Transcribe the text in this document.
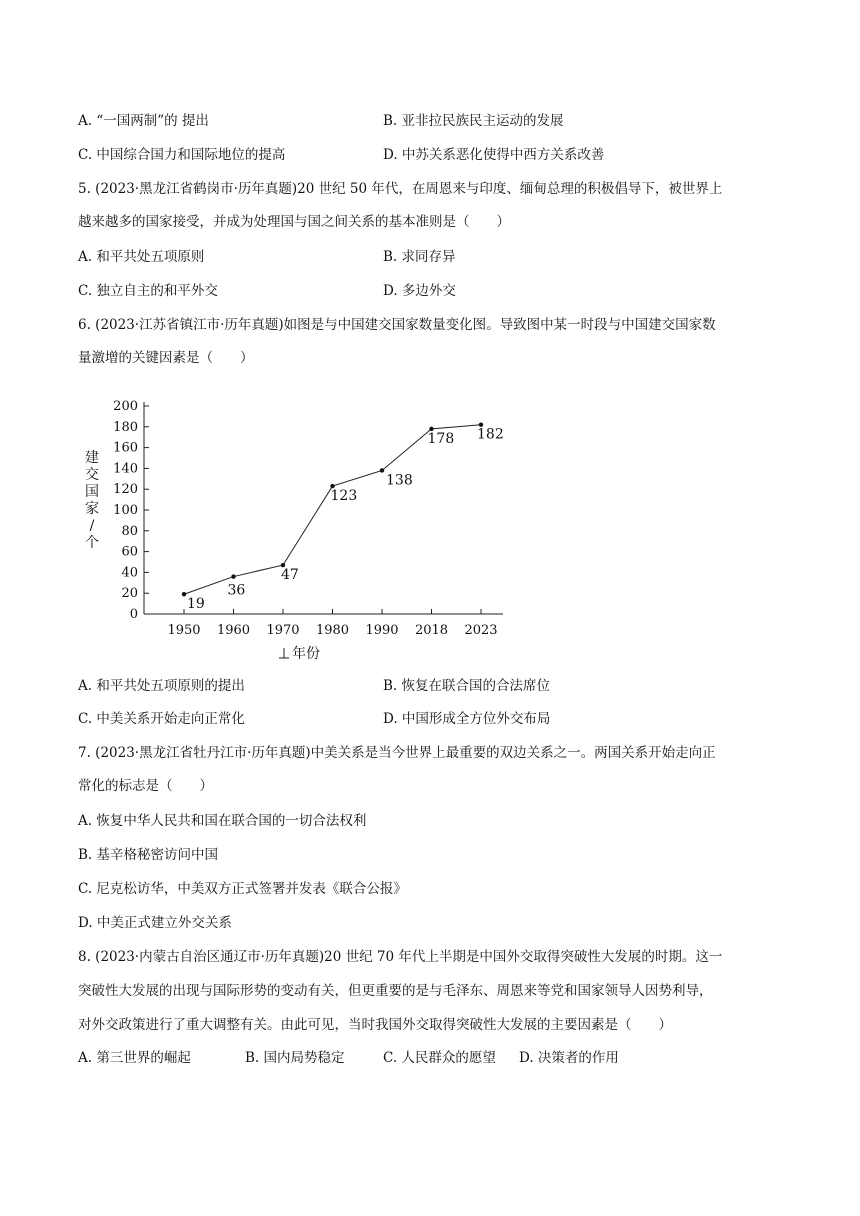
A. “一国两制”的 提出	B. 亚非拉民族民主运动的发展
C. 中国综合国力和国际地位的提高	D. 中苏关系恶化使得中西方关系改善
5. (2023·黑龙江省鹤岗市·历年真题)20 世纪 50 年代，在周恩来与印度、缅甸总理的积极倡导下，被世界上
越来越多的国家接受，并成为处理国与国之间关系的基本准则是（　　）
A. 和平共处五项原则	B. 求同存异
C. 独立自主的和平外交	D. 多边外交
6. (2023·江苏省镇江市·历年真题)如图是与中国建交国家数量变化图。导致图中某一时段与中国建交国家数
量激增的关键因素是（　　）
建
交
国
家
/
个
0
20
40
60
80
100
120
140
160
180
200
1950 1960 1970 1980 1990 2018 2023
19
36
47
123
138
178 182
年份
A. 和平共处五项原则的提出	B. 恢复在联合国的合法席位
C. 中美关系开始走向正常化	D. 中国形成全方位外交布局
7. (2023·黑龙江省牡丹江市·历年真题)中美关系是当今世界上最重要的双边关系之一。两国关系开始走向正
常化的标志是（　　）
A. 恢复中华人民共和国在联合国的一切合法权利
B. 基辛格秘密访问中国
C. 尼克松访华，中美双方正式签署并发表《联合公报》
D. 中美正式建立外交关系
8. (2023·内蒙古自治区通辽市·历年真题)20 世纪 70 年代上半期是中国外交取得突破性大发展的时期。这一
突破性大发展的出现与国际形势的变动有关，但更重要的是与毛泽东、周恩来等党和国家领导人因势利导，
对外交政策进行了重大调整有关。由此可见，当时我国外交取得突破性大发展的主要因素是（　　）
A. 第三世界的崛起	B. 国内局势稳定	C. 人民群众的愿望 D. 决策者的作用
